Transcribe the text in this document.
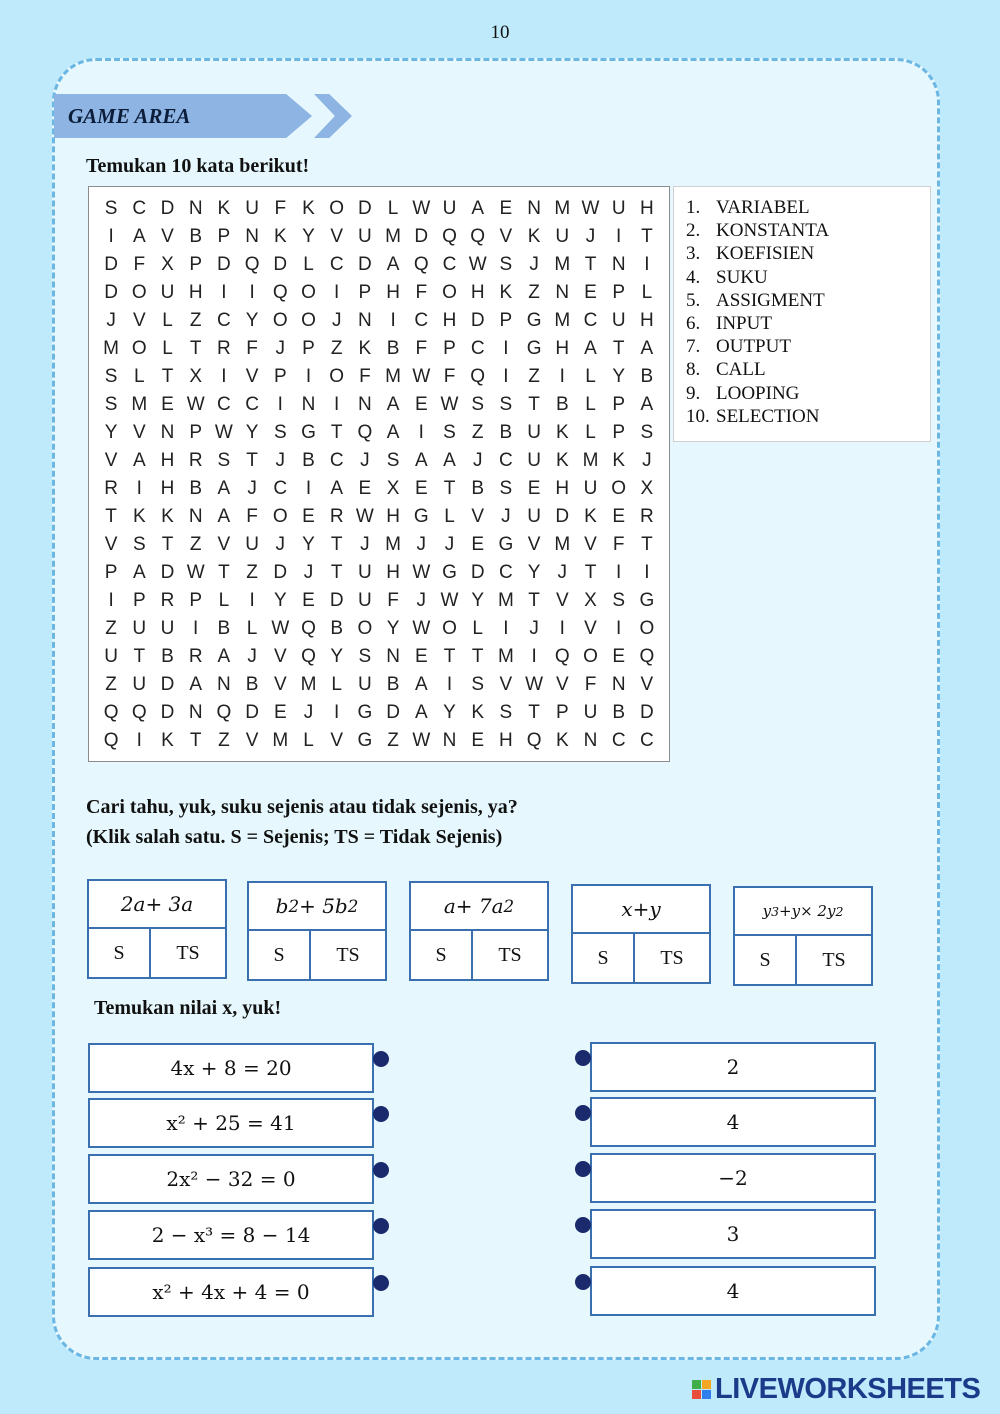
10
GAME AREA
Temukan 10 kata berikut!
S C D N K U F K O D L W U A E N M W U H
I	A V B P N K Y V U M D Q Q V K U J	I	T
D F X P D Q D L C D A Q C W S J M T N I
D O U H I	I Q O I	P H F O H K Z N E P L
J V L Z C Y O O J N I C H D P G M C U H
M O L T R F J P Z K B F P C I G H A T A
S L T X	I	V P	I O F M W F Q I	Z	I	L Y B
S M E W C C I N I N A E W S S T B L P A
Y V N P W Y S G T Q A	I	S Z B U K L P S
V A H R S T J B C J S A A J C U K M K J
R I H B A J C I	A E X E T B S E H U O X
T K K N A F O E R W H G L V J U D K E R
V S T Z V U J Y T J M J J E G V M V F T
P A D W T Z D J T U H W G D C Y J T	I	I
I	P R P L	I	Y E D U F J W Y M T V X S G
Z U U I	B L W Q B O Y W O L	I	J	I	V	I O
U T B R A J V Q Y S N E T T M I Q O E Q
Z U D A N B V M L U B A	I	S V W V F N V
Q Q D N Q D E J	I G D A Y K S T P U B D
Q I	K T Z V M L V G Z W N E H Q K N C C
1. VARIABEL
2. KONSTANTA
3. KOEFISIEN
4. SUKU
5. ASSIGMENT
6. INPUT
7. OUTPUT
8. CALL
9. LOOPING
10. SELECTION
Cari tahu, yuk, suku sejenis atau tidak sejenis, ya?
(Klik salah satu. S = Sejenis; TS = Tidak Sejenis)
2 a + 3 a
S	TS
b 2 + 5 b 2
S	TS
a + 7 a 2
S	TS
x + y
S	TS
y 3 + y × 2 y 2
S	TS
Temukan nilai x, yuk!
4x + 8 = 20
x² + 25 = 41
2x² − 32 = 0
2 − x³ = 8 − 14
x² + 4x + 4 = 0
2
4
−2
3
4
LIVEWORKSHEETS
